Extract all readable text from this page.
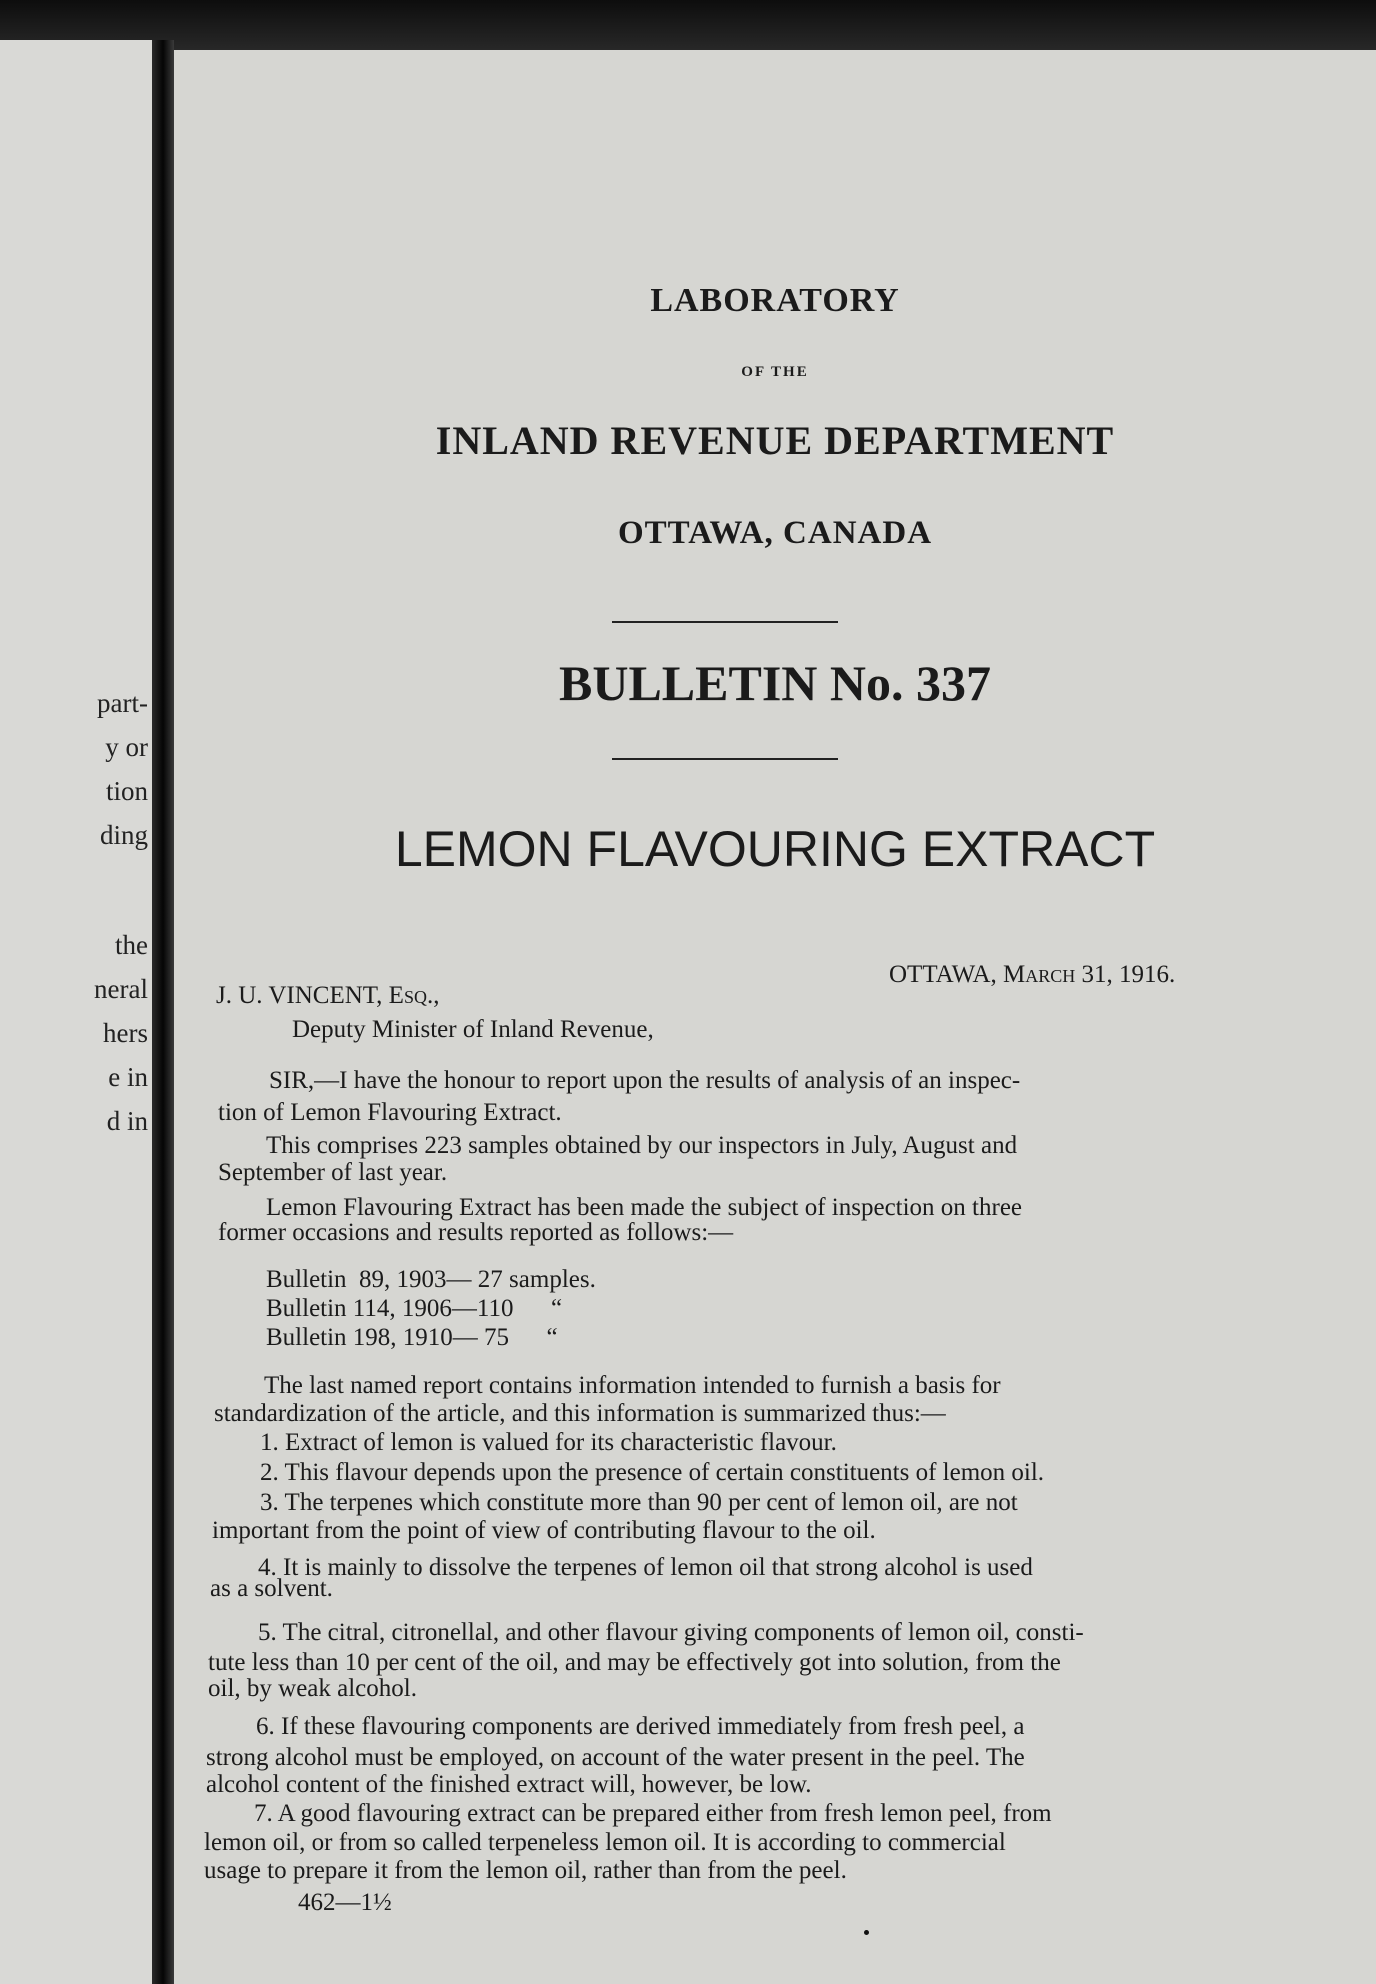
part-
y or
tion
ding
the
neral
hers
e in
d in
LABORATORY
OF THE
INLAND REVENUE DEPARTMENT
OTTAWA, CANADA
BULLETIN No. 337
LEMON FLAVOURING EXTRACT
OTTAWA, March 31, 1916.
J. U. VINCENT, Esq.,
Deputy Minister of Inland Revenue,
SIR,—I have the honour to report upon the results of analysis of an inspec-
tion of Lemon Flavouring Extract.
This comprises 223 samples obtained by our inspectors in July, August and
September of last year.
Lemon Flavouring Extract has been made the subject of inspection on three
former occasions and results reported as follows:—
Bulletin  89, 1903— 27 samples.
Bulletin 114, 1906—110      “
Bulletin 198, 1910— 75      “
The last named report contains information intended to furnish a basis for
standardization of the article, and this information is summarized thus:—
1. Extract of lemon is valued for its characteristic flavour.
2. This flavour depends upon the presence of certain constituents of lemon oil.
3. The terpenes which constitute more than 90 per cent of lemon oil, are not
important from the point of view of contributing flavour to the oil.
4. It is mainly to dissolve the terpenes of lemon oil that strong alcohol is used
as a solvent.
5. The citral, citronellal, and other flavour giving components of lemon oil, consti-
tute less than 10 per cent of the oil, and may be effectively got into solution, from the
oil, by weak alcohol.
6. If these flavouring components are derived immediately from fresh peel, a
strong alcohol must be employed, on account of the water present in the peel. The
alcohol content of the finished extract will, however, be low.
7. A good flavouring extract can be prepared either from fresh lemon peel, from
lemon oil, or from so called terpeneless lemon oil. It is according to commercial
usage to prepare it from the lemon oil, rather than from the peel.
462—1½
